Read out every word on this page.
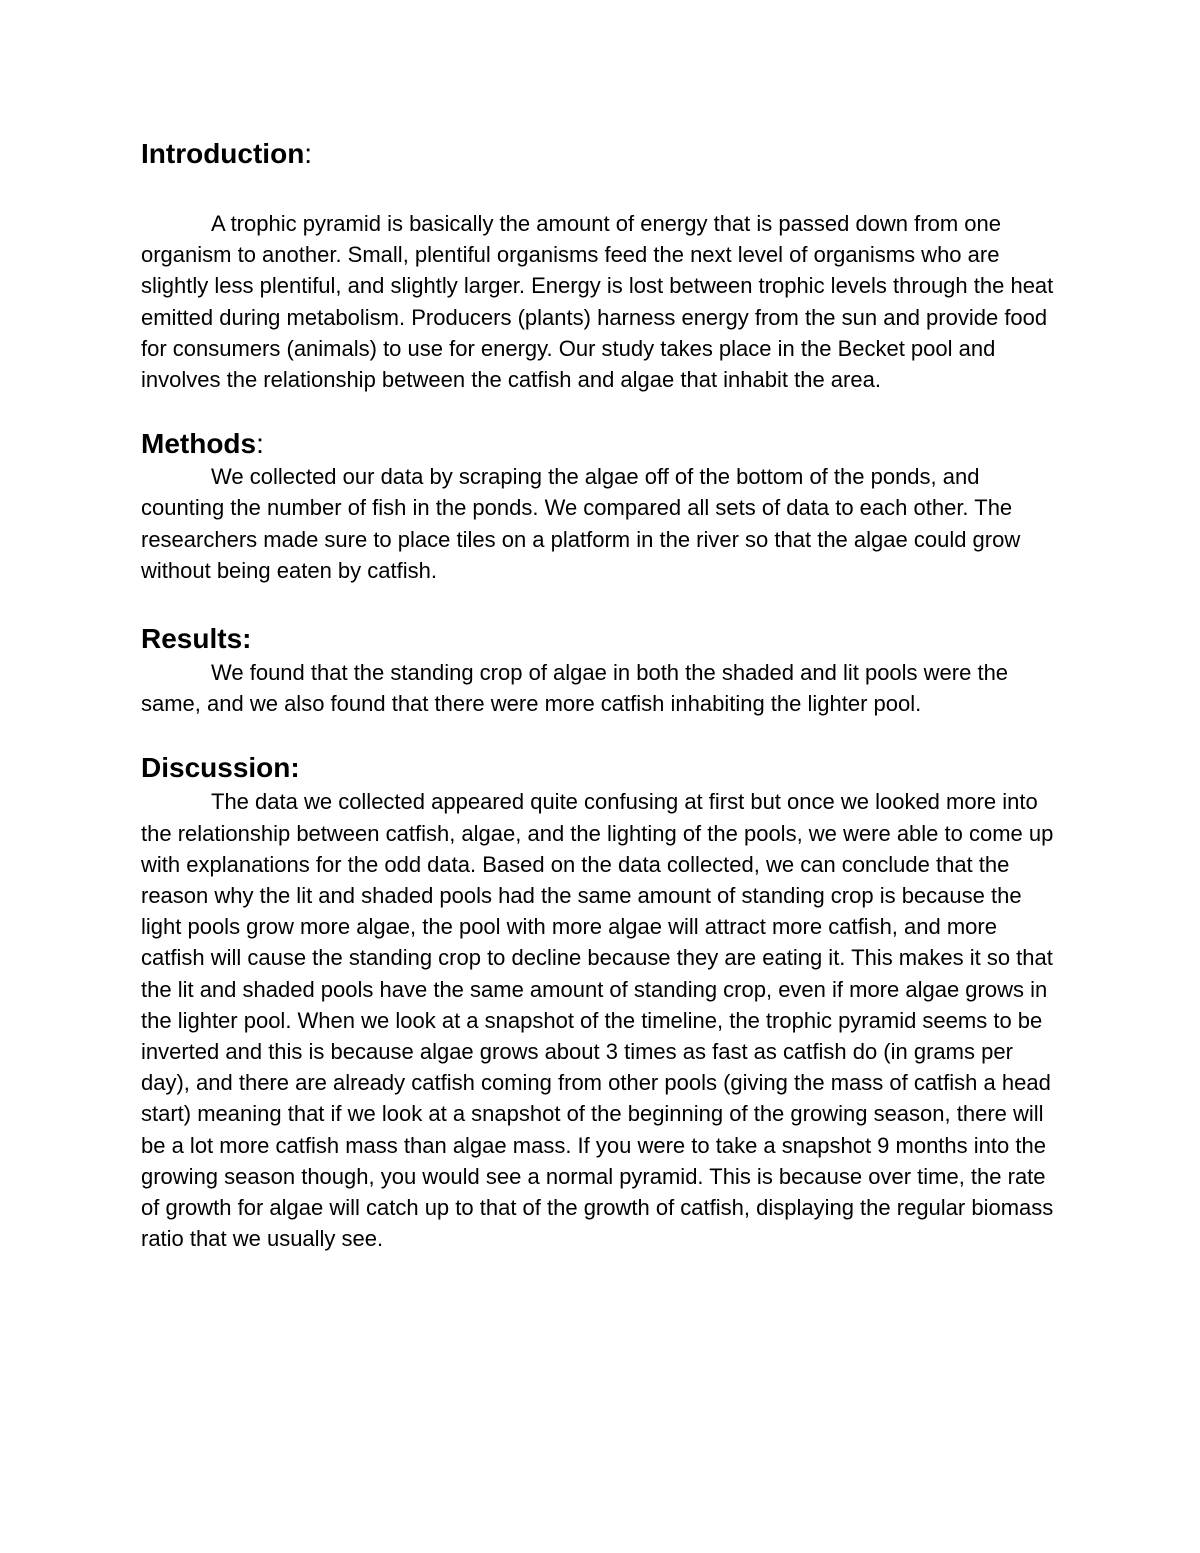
Introduction:

A trophic pyramid is basically the amount of energy that is passed down from one organism to another. Small, plentiful organisms feed the next level of organisms who are slightly less plentiful, and slightly larger. Energy is lost between trophic levels through the heat emitted during metabolism. Producers (plants) harness energy from the sun and provide food for consumers (animals) to use for energy. Our study takes place in the Becket pool and involves the relationship between the catfish and algae that inhabit the area.

Methods:

We collected our data by scraping the algae off of the bottom of the ponds, and counting the number of fish in the ponds. We compared all sets of data to each other. The researchers made sure to place tiles on a platform in the river so that the algae could grow without being eaten by catfish.

Results:

We found that the standing crop of algae in both the shaded and lit pools were the same, and we also found that there were more catfish inhabiting the lighter pool.

Discussion:

The data we collected appeared quite confusing at first but once we looked more into the relationship between catfish, algae, and the lighting of the pools, we were able to come up with explanations for the odd data. Based on the data collected, we can conclude that the reason why the lit and shaded pools had the same amount of standing crop is because the light pools grow more algae, the pool with more algae will attract more catfish, and more catfish will cause the standing crop to decline because they are eating it. This makes it so that the lit and shaded pools have the same amount of standing crop, even if more algae grows in the lighter pool. When we look at a snapshot of the timeline, the trophic pyramid seems to be inverted and this is because algae grows about 3 times as fast as catfish do (in grams per day), and there are already catfish coming from other pools (giving the mass of catfish a head start) meaning that if we look at a snapshot of the beginning of the growing season, there will be a lot more catfish mass than algae mass. If you were to take a snapshot 9 months into the growing season though, you would see a normal pyramid. This is because over time, the rate of growth for algae will catch up to that of the growth of catfish, displaying the regular biomass ratio that we usually see.
